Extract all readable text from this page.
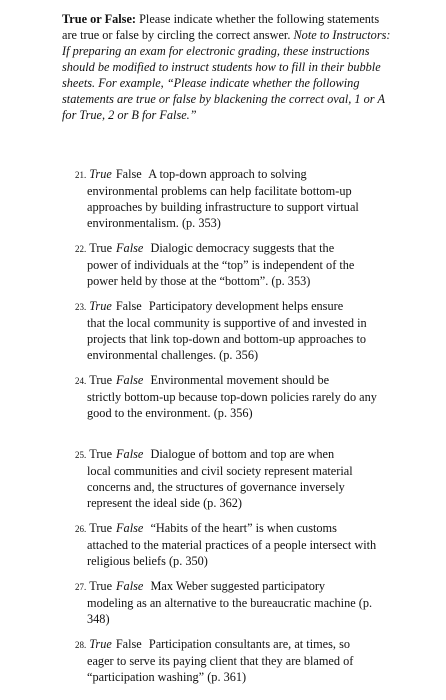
True or False: Please indicate whether the following statements are true or false by circling the correct answer. Note to Instructors: If preparing an exam for electronic grading, these instructions should be modified to instruct students how to fill in their bubble sheets. For example, “Please indicate whether the following statements are true or false by blackening the correct oval, 1 or A for True, 2 or B for False.”
21. True False A top-down approach to solving
environmental problems can help facilitate bottom-up approaches by building infrastructure to support virtual environmentalism. (p. 353)
22. True False Dialogic democracy suggests that the
power of individuals at the “top” is independent of the power held by those at the “bottom”. (p. 353)
23. True False Participatory development helps ensure
that the local community is supportive of and invested in projects that link top-down and bottom-up approaches to environmental challenges. (p. 356)
24. True False Environmental movement should be
strictly bottom-up because top-down policies rarely do any good to the environment. (p. 356)
25. True False Dialogue of bottom and top are when
local communities and civil society represent material concerns and, the structures of governance inversely represent the ideal side (p. 362)
26. True False “Habits of the heart” is when customs
attached to the material practices of a people intersect with religious beliefs (p. 350)
27. True False Max Weber suggested participatory
modeling as an alternative to the bureaucratic machine (p. 348)
28. True False Participation consultants are, at times, so
eager to serve its paying client that they are blamed of “participation washing” (p. 361)
